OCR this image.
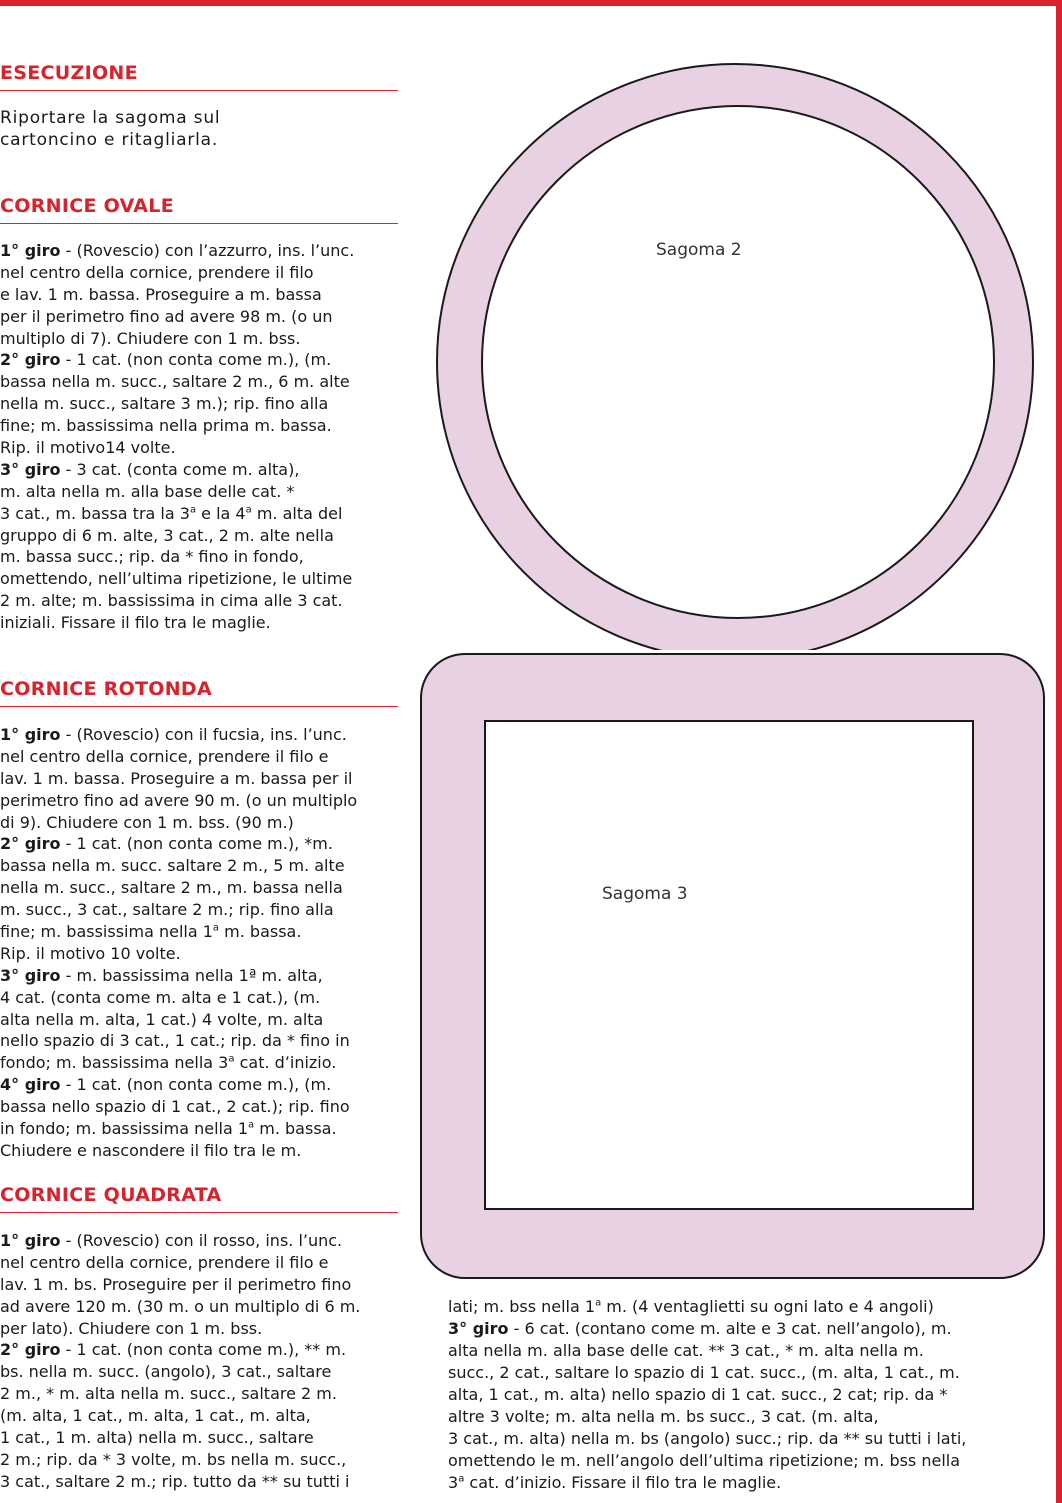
ESECUZIONE
Riportare la sagoma sul
cartoncino e ritagliarla.
CORNICE OVALE
1° giro - (Rovescio) con l’azzurro, ins. l’unc.
nel centro della cornice, prendere il filo
e lav. 1 m. bassa. Proseguire a m. bassa
per il perimetro fino ad avere 98 m. (o un
multiplo di 7). Chiudere con 1 m. bss.
2° giro - 1 cat. (non conta come m.), (m.
bassa nella m. succ., saltare 2 m., 6 m. alte
nella m. succ., saltare 3 m.); rip. fino alla
fine; m. bassissima nella prima m. bassa.
Rip. il motivo14 volte.
3° giro - 3 cat. (conta come m. alta),
m. alta nella m. alla base delle cat. *
3 cat., m. bassa tra la 3$^a$ e la 4$^a$ m. alta del
gruppo di 6 m. alte, 3 cat., 2 m. alte nella
m. bassa succ.; rip. da * fino in fondo,
omettendo, nell’ultima ripetizione, le ultime
2 m. alte; m. bassissima in cima alle 3 cat.
iniziali. Fissare il filo tra le maglie.
CORNICE ROTONDA
1° giro - (Rovescio) con il fucsia, ins. l’unc.
nel centro della cornice, prendere il filo e
lav. 1 m. bassa. Proseguire a m. bassa per il
perimetro fino ad avere 90 m. (o un multiplo
di 9). Chiudere con 1 m. bss. (90 m.)
2° giro - 1 cat. (non conta come m.), *m.
bassa nella m. succ. saltare 2 m., 5 m. alte
nella m. succ., saltare 2 m., m. bassa nella
m. succ., 3 cat., saltare 2 m.; rip. fino alla
fine; m. bassissima nella 1$^a$ m. bassa.
Rip. il motivo 10 volte.
3° giro - m. bassissima nella 1ª m. alta,
4 cat. (conta come m. alta e 1 cat.), (m.
alta nella m. alta, 1 cat.) 4 volte, m. alta
nello spazio di 3 cat., 1 cat.; rip. da * fino in
fondo; m. bassissima nella 3$^a$ cat. d’inizio.
4° giro - 1 cat. (non conta come m.), (m.
bassa nello spazio di 1 cat., 2 cat.); rip. fino
in fondo; m. bassissima nella 1$^a$ m. bassa.
Chiudere e nascondere il filo tra le m.
CORNICE QUADRATA
1° giro - (Rovescio) con il rosso, ins. l’unc.
nel centro della cornice, prendere il filo e
lav. 1 m. bs. Proseguire per il perimetro fino
ad avere 120 m. (30 m. o un multiplo di 6 m.
per lato). Chiudere con 1 m. bss.
2° giro - 1 cat. (non conta come m.), ** m.
bs. nella m. succ. (angolo), 3 cat., saltare
2 m., * m. alta nella m. succ., saltare 2 m.
(m. alta, 1 cat., m. alta, 1 cat., m. alta,
1 cat., 1 m. alta) nella m. succ., saltare
2 m.; rip. da * 3 volte, m. bs nella m. succ.,
3 cat., saltare 2 m.; rip. tutto da ** su tutti i
Sagoma 2
Sagoma 3
lati; m. bss nella 1$^a$ m. (4 ventaglietti su ogni lato e 4 angoli)
3° giro - 6 cat. (contano come m. alte e 3 cat. nell’angolo), m.
alta nella m. alla base delle cat. ** 3 cat., * m. alta nella m.
succ., 2 cat., saltare lo spazio di 1 cat. succ., (m. alta, 1 cat., m.
alta, 1 cat., m. alta) nello spazio di 1 cat. succ., 2 cat; rip. da *
altre 3 volte; m. alta nella m. bs succ., 3 cat. (m. alta,
3 cat., m. alta) nella m. bs (angolo) succ.; rip. da ** su tutti i lati,
omettendo le m. nell’angolo dell’ultima ripetizione; m. bss nella
3$^a$ cat. d’inizio. Fissare il filo tra le maglie.
